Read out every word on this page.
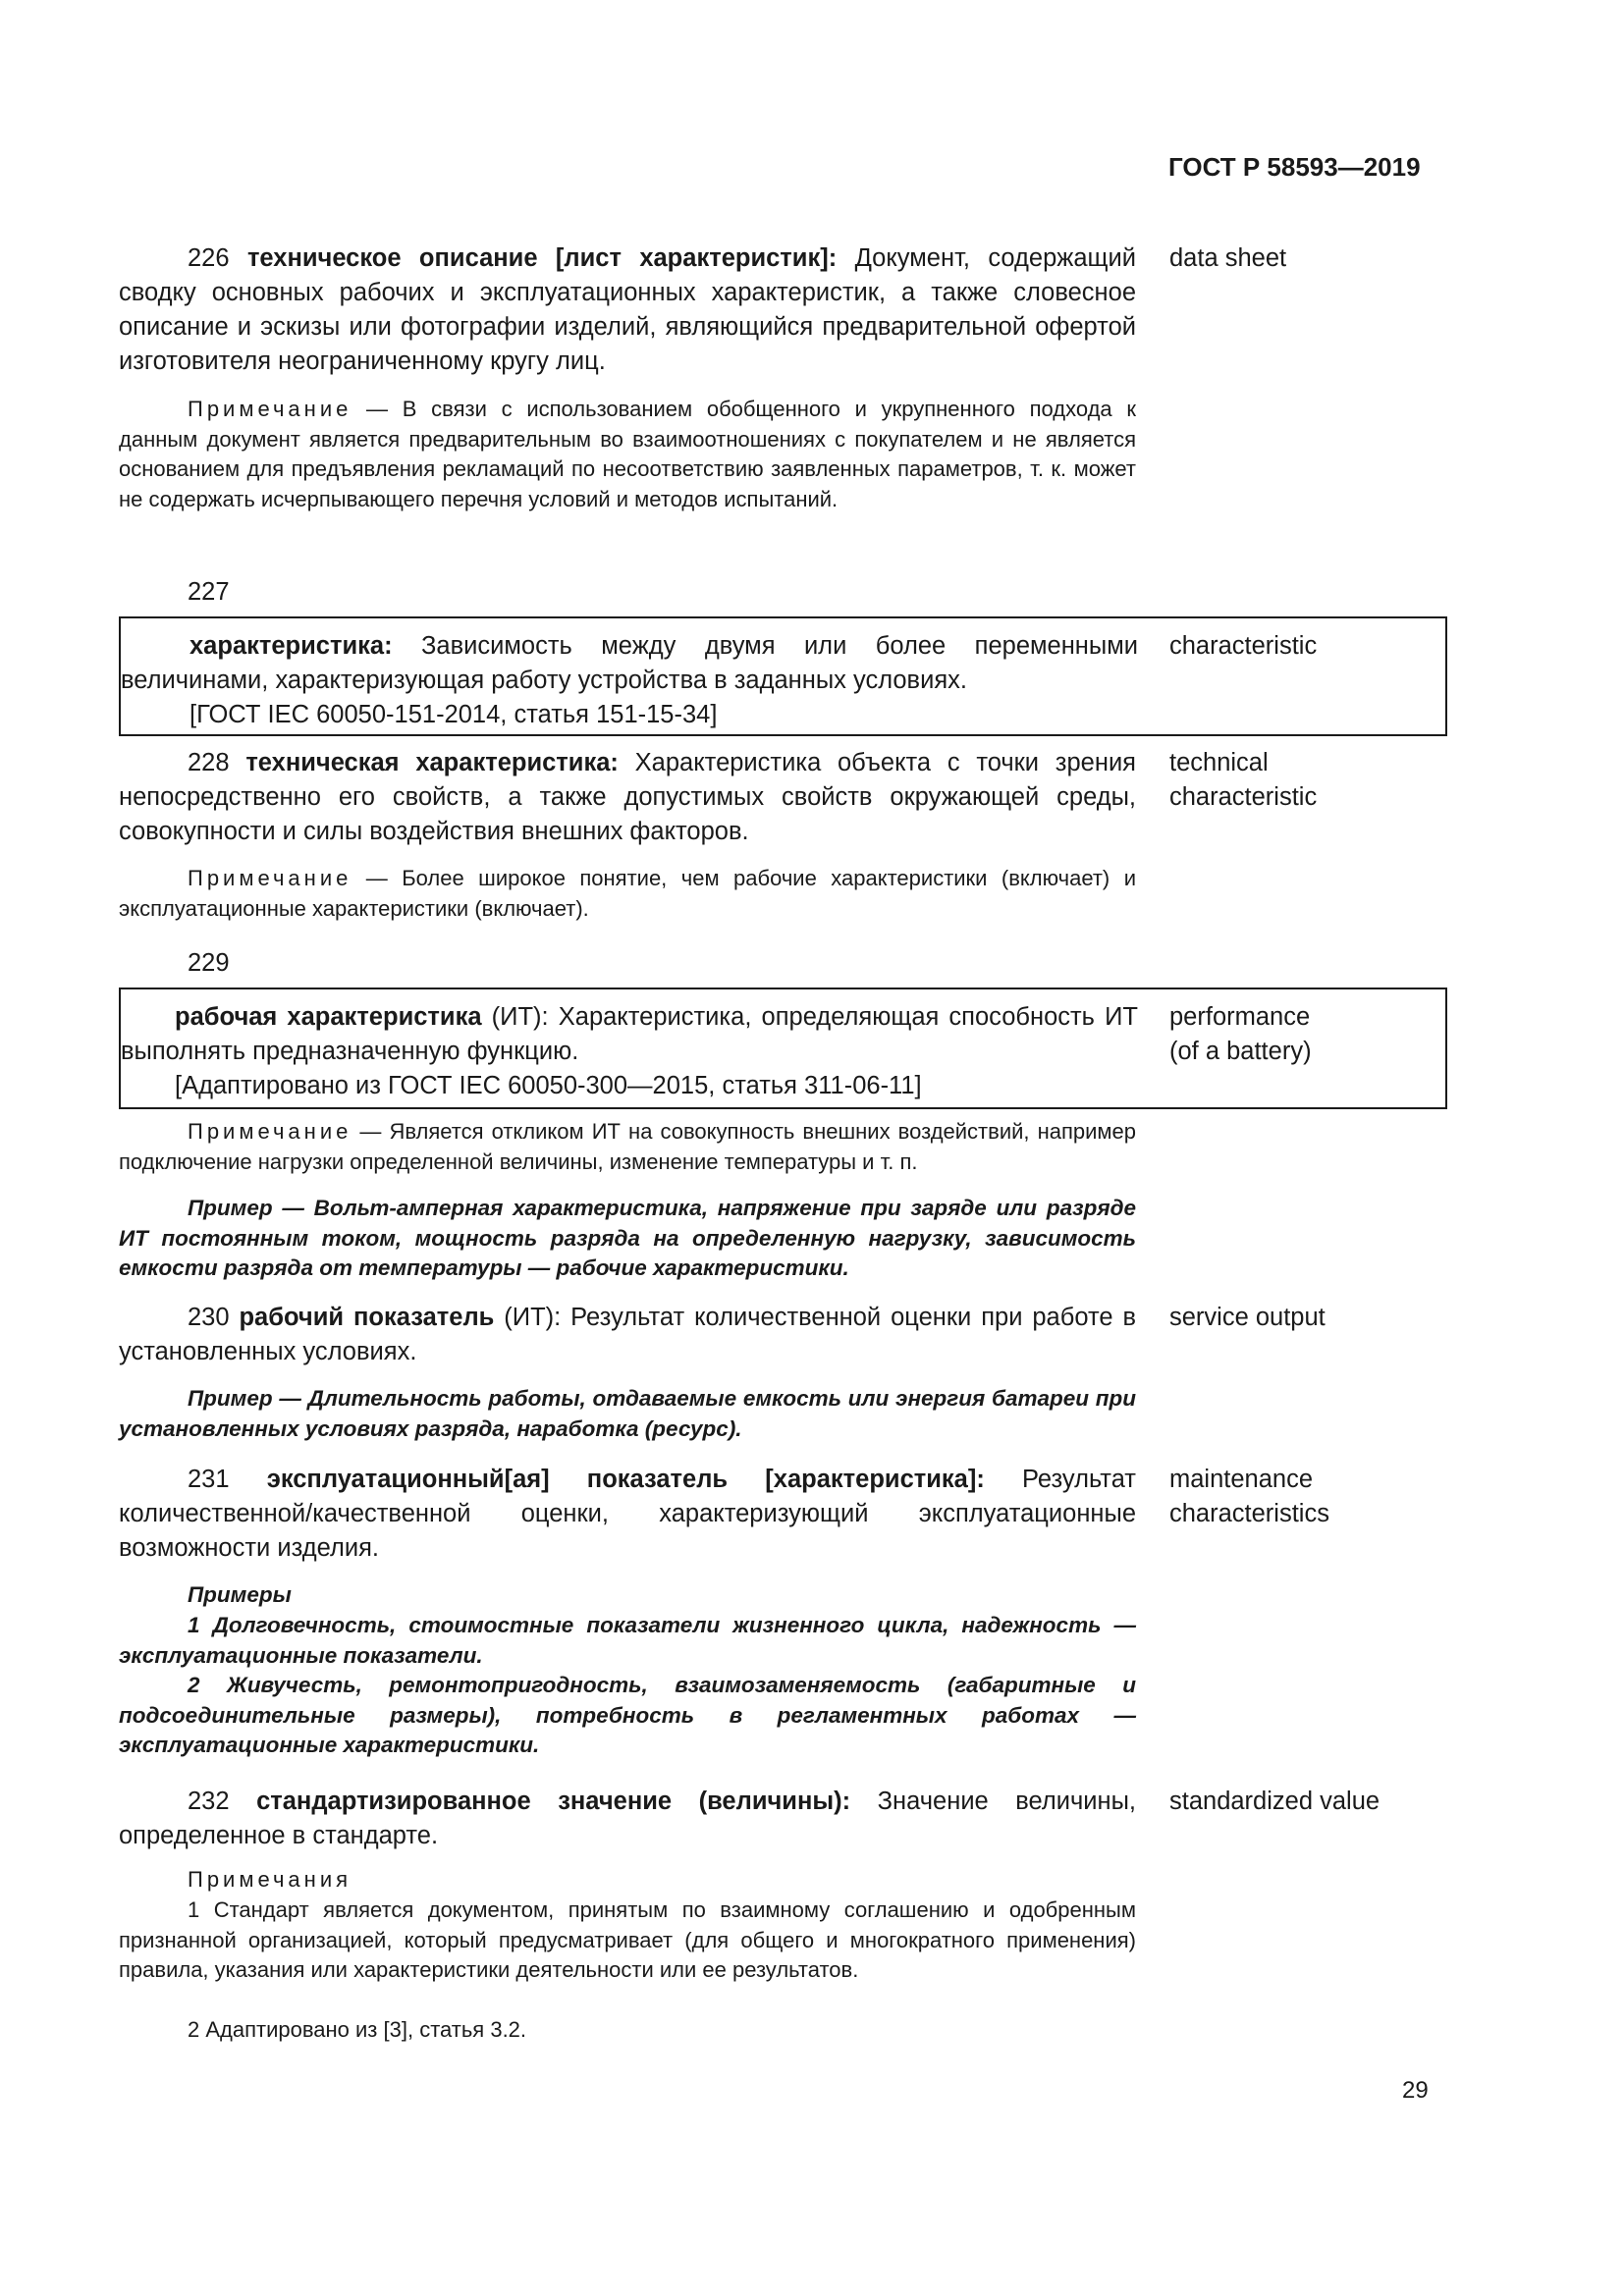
ГОСТ Р 58593—2019

226 техническое описание [лист характеристик]: Документ, содержащий сводку основных рабочих и эксплуатационных характеристик, а также словесное описание и эскизы или фотографии изделий, являющийся предварительной офертой изготовителя неограниченному кругу лиц.

data sheet

Примечание — В связи с использованием обобщенного и укрупненного подхода к данным документ является предварительным во взаимоотношениях с покупателем и не является основанием для предъявления рекламаций по несоответствию заявленных параметров, т. к. может не содержать исчерпывающего перечня условий и методов испытаний.

227

характеристика: Зависимость между двумя или более переменными величинами, характеризующая работу устройства в заданных условиях.
[ГОСТ IEC 60050-151-2014, статья 151-15-34]

characteristic

228 техническая характеристика: Характеристика объекта с точки зрения непосредственно его свойств, а также допустимых свойств окружающей среды, совокупности и силы воздействия внешних факторов.

technical
characteristic

Примечание — Более широкое понятие, чем рабочие характеристики (включает) и эксплуатационные характеристики (включает).

229

рабочая характеристика (ИТ): Характеристика, определяющая способность ИТ выполнять предназначенную функцию.
[Адаптировано из ГОСТ IEC 60050-300—2015, статья 311-06-11]

performance
(of a battery)

Примечание — Является откликом ИТ на совокупность внешних воздействий, например подключение нагрузки определенной величины, изменение температуры и т. п.

Пример — Вольт-амперная характеристика, напряжение при заряде или разряде ИТ постоянным током, мощность разряда на определенную нагрузку, зависимость емкости разряда от температуры — рабочие характеристики.

230 рабочий показатель (ИТ): Результат количественной оценки при работе в установленных условиях.

service output

Пример — Длительность работы, отдаваемые емкость или энергия батареи при установленных условиях разряда, наработка (ресурс).

231 эксплуатационный[ая] показатель [характеристика]: Результат количественной/качественной оценки, характеризующий эксплуатационные возможности изделия.

maintenance
characteristics

Примеры

1 Долговечность, стоимостные показатели жизненного цикла, надежность — эксплуатационные показатели.

2 Живучесть, ремонтопригодность, взаимозаменяемость (габаритные и подсоединительные размеры), потребность в регламентных работах — эксплуатационные характеристики.

232 стандартизированное значение (величины): Значение величины, определенное в стандарте.

standardized value
Примечания

1 Стандарт является документом, принятым по взаимному соглашению и одобренным признанной организацией, который предусматривает (для общего и многократного применения) правила, указания или характеристики деятельности или ее результатов.

2 Адаптировано из [3], статья 3.2.

29
